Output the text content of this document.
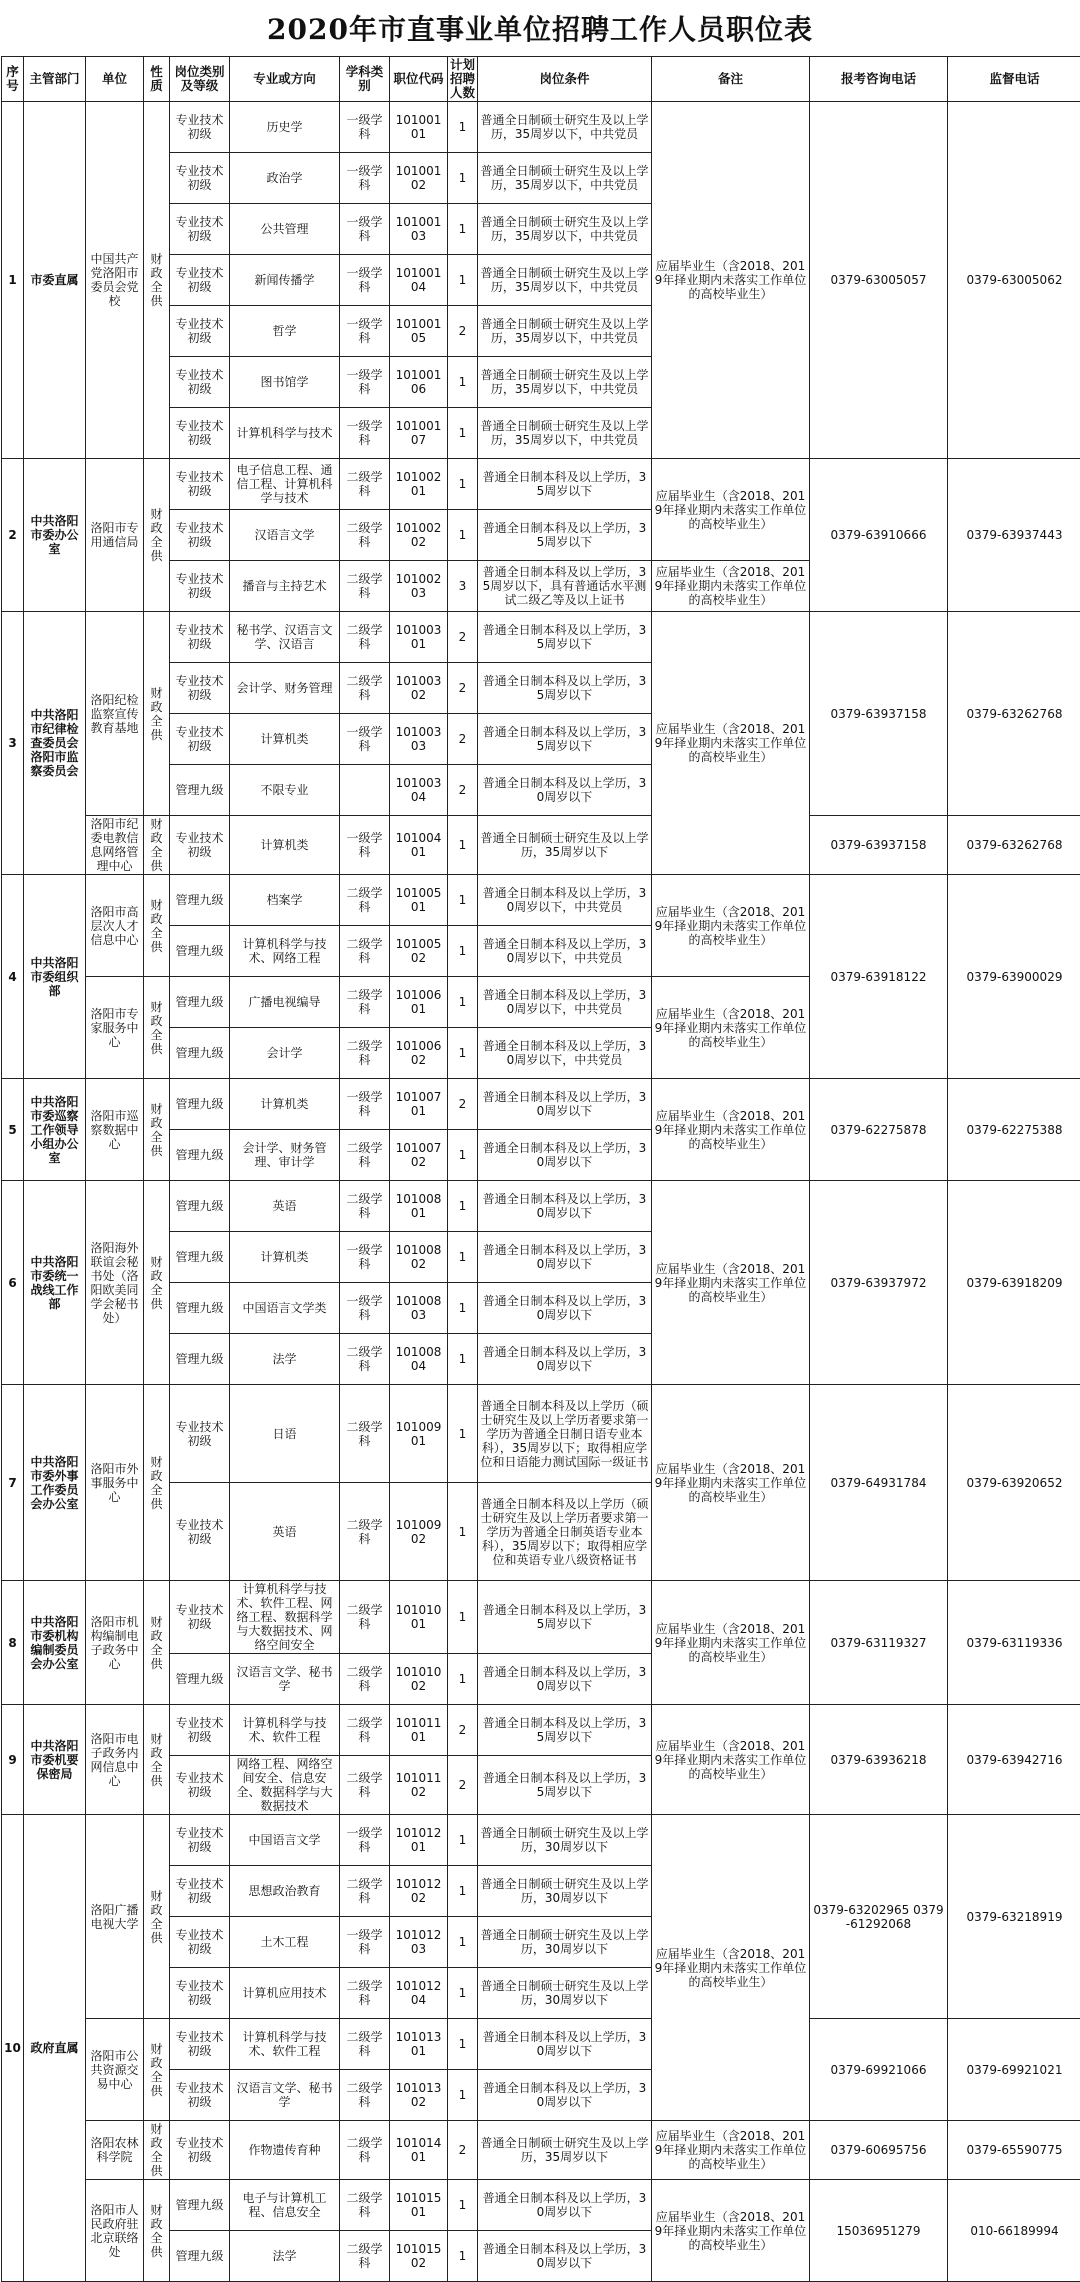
2020年市直事业单位招聘工作人员职位表
序号	主管部门	单位	性质	岗位类别及等级	专业或方向	学科类别	职位代码	计划招聘人数	岗位条件	备注	报考咨询电话	监督电话
1	市委直属	中国共产党洛阳市委员会党校	财政全供	专业技术初级	历史学	一级学科	10100101	1	普通全日制硕士研究生及以上学历，35周岁以下，中共党员	应届毕业生（含2018、2019年择业期内未落实工作单位的高校毕业生）	0379-63005057	0379-63005062
				专业技术初级	政治学	一级学科	10100102	1	普通全日制硕士研究生及以上学历，35周岁以下，中共党员			
				专业技术初级	公共管理	一级学科	10100103	1	普通全日制硕士研究生及以上学历，35周岁以下，中共党员			
				专业技术初级	新闻传播学	一级学科	10100104	1	普通全日制硕士研究生及以上学历，35周岁以下，中共党员			
				专业技术初级	哲学	一级学科	10100105	2	普通全日制硕士研究生及以上学历，35周岁以下，中共党员			
				专业技术初级	图书馆学	一级学科	10100106	1	普通全日制硕士研究生及以上学历，35周岁以下，中共党员			
				专业技术初级	计算机科学与技术	一级学科	10100107	1	普通全日制硕士研究生及以上学历，35周岁以下，中共党员			
2	中共洛阳市委办公室	洛阳市专用通信局	财政全供	专业技术初级	电子信息工程、通信工程、计算机科学与技术	二级学科	10100201	1	普通全日制本科及以上学历，35周岁以下	应届毕业生（含2018、2019年择业期内未落实工作单位的高校毕业生）	0379-63910666	0379-63937443
				专业技术初级	汉语言文学	二级学科	10100202	1	普通全日制本科及以上学历，35周岁以下			
				专业技术初级	播音与主持艺术	二级学科	10100203	3	普通全日制本科及以上学历，35周岁以下，具有普通话水平测试二级乙等及以上证书	应届毕业生（含2018、2019年择业期内未落实工作单位的高校毕业生）		
3	中共洛阳市纪律检查委员会洛阳市监察委员会	洛阳纪检监察宣传教育基地	财政全供	专业技术初级	秘书学、汉语言文学、汉语言	二级学科	10100301	2	普通全日制本科及以上学历，35周岁以下	应届毕业生（含2018、2019年择业期内未落实工作单位的高校毕业生）	0379-63937158	0379-63262768
				专业技术初级	会计学、财务管理	二级学科	10100302	2	普通全日制本科及以上学历，35周岁以下			
				专业技术初级	计算机类	一级学科	10100303	2	普通全日制本科及以上学历，35周岁以下			
				管理九级	不限专业		10100304	2	普通全日制本科及以上学历，30周岁以下			
		洛阳市纪委电教信息网络管理中心	财政全供	专业技术初级	计算机类	一级学科	10100401	1	普通全日制硕士研究生及以上学历，35周岁以下		0379-63937158	0379-63262768
4	中共洛阳市委组织部	洛阳市高层次人才信息中心	财政全供	管理九级	档案学	二级学科	10100501	1	普通全日制本科及以上学历，30周岁以下，中共党员	应届毕业生（含2018、2019年择业期内未落实工作单位的高校毕业生）	0379-63918122	0379-63900029
				管理九级	计算机科学与技术、网络工程	二级学科	10100502	1	普通全日制本科及以上学历，30周岁以下，中共党员			
		洛阳市专家服务中心	财政全供	管理九级	广播电视编导	二级学科	10100601	1	普通全日制本科及以上学历，30周岁以下，中共党员	应届毕业生（含2018、2019年择业期内未落实工作单位的高校毕业生）		
				管理九级	会计学	二级学科	10100602	1	普通全日制本科及以上学历，30周岁以下，中共党员			
5	中共洛阳市委巡察工作领导小组办公室	洛阳市巡察数据中心	财政全供	管理九级	计算机类	一级学科	10100701	2	普通全日制本科及以上学历，30周岁以下	应届毕业生（含2018、2019年择业期内未落实工作单位的高校毕业生）	0379-62275878	0379-62275388
				管理九级	会计学、财务管理、审计学	二级学科	10100702	1	普通全日制本科及以上学历，30周岁以下			
6	中共洛阳市委统一战线工作部	洛阳海外联谊会秘书处（洛阳欧美同学会秘书处）	财政全供	管理九级	英语	二级学科	10100801	1	普通全日制本科及以上学历，30周岁以下	应届毕业生（含2018、2019年择业期内未落实工作单位的高校毕业生）	0379-63937972	0379-63918209
				管理九级	计算机类	一级学科	10100802	1	普通全日制本科及以上学历，30周岁以下			
				管理九级	中国语言文学类	一级学科	10100803	1	普通全日制本科及以上学历，30周岁以下			
				管理九级	法学	二级学科	10100804	1	普通全日制本科及以上学历，30周岁以下			
7	中共洛阳市委外事工作委员会办公室	洛阳市外事服务中心	财政全供	专业技术初级	日语	二级学科	10100901	1	普通全日制本科及以上学历（硕士研究生及以上学历者要求第一学历为普通全日制日语专业本科），35周岁以下；取得相应学位和日语能力测试国际一级证书	应届毕业生（含2018、2019年择业期内未落实工作单位的高校毕业生）	0379-64931784	0379-63920652
				专业技术初级	英语	二级学科	10100902	1	普通全日制本科及以上学历（硕士研究生及以上学历者要求第一学历为普通全日制英语专业本科），35周岁以下；取得相应学位和英语专业八级资格证书			
8	中共洛阳市委机构编制委员会办公室	洛阳市机构编制电子政务中心	财政全供	专业技术初级	计算机科学与技术、软件工程、网络工程、数据科学与大数据技术、网络空间安全	二级学科	10101001	1	普通全日制本科及以上学历，35周岁以下	应届毕业生（含2018、2019年择业期内未落实工作单位的高校毕业生）	0379-63119327	0379-63119336
				管理九级	汉语言文学、秘书学	二级学科	10101002	1	普通全日制本科及以上学历，30周岁以下			
9	中共洛阳市委机要保密局	洛阳市电子政务内网信息中心	财政全供	专业技术初级	计算机科学与技术、软件工程	二级学科	10101101	2	普通全日制本科及以上学历，35周岁以下	应届毕业生（含2018、2019年择业期内未落实工作单位的高校毕业生）	0379-63936218	0379-63942716
				专业技术初级	网络工程、网络空间安全、信息安全、数据科学与大数据技术	二级学科	10101102	2	普通全日制本科及以上学历，35周岁以下			
10	政府直属	洛阳广播电视大学	财政全供	专业技术初级	中国语言文学	一级学科	10101201	1	普通全日制硕士研究生及以上学历，30周岁以下	应届毕业生（含2018、2019年择业期内未落实工作单位的高校毕业生）	0379-63202965 0379-61292068	0379-63218919
				专业技术初级	思想政治教育	二级学科	10101202	1	普通全日制硕士研究生及以上学历，30周岁以下			
				专业技术初级	土木工程	一级学科	10101203	1	普通全日制硕士研究生及以上学历，30周岁以下			
				专业技术初级	计算机应用技术	二级学科	10101204	1	普通全日制硕士研究生及以上学历，30周岁以下			
		洛阳市公共资源交易中心	财政全供	专业技术初级	计算机科学与技术、软件工程	二级学科	10101301	1	普通全日制本科及以上学历，30周岁以下		0379-69921066	0379-69921021
				专业技术初级	汉语言文学、秘书学	二级学科	10101302	1	普通全日制本科及以上学历，30周岁以下			
		洛阳农林科学院	财政全供	专业技术初级	作物遗传育种	二级学科	10101401	2	普通全日制硕士研究生及以上学历，35周岁以下	应届毕业生（含2018、2019年择业期内未落实工作单位的高校毕业生）	0379-60695756	0379-65590775
		洛阳市人民政府驻北京联络处	财政全供	管理九级	电子与计算机工程、信息安全	二级学科	10101501	1	普通全日制本科及以上学历，30周岁以下	应届毕业生（含2018、2019年择业期内未落实工作单位的高校毕业生）	15036951279	010-66189994
				管理九级	法学	二级学科	10101502	1	普通全日制本科及以上学历，30周岁以下			
